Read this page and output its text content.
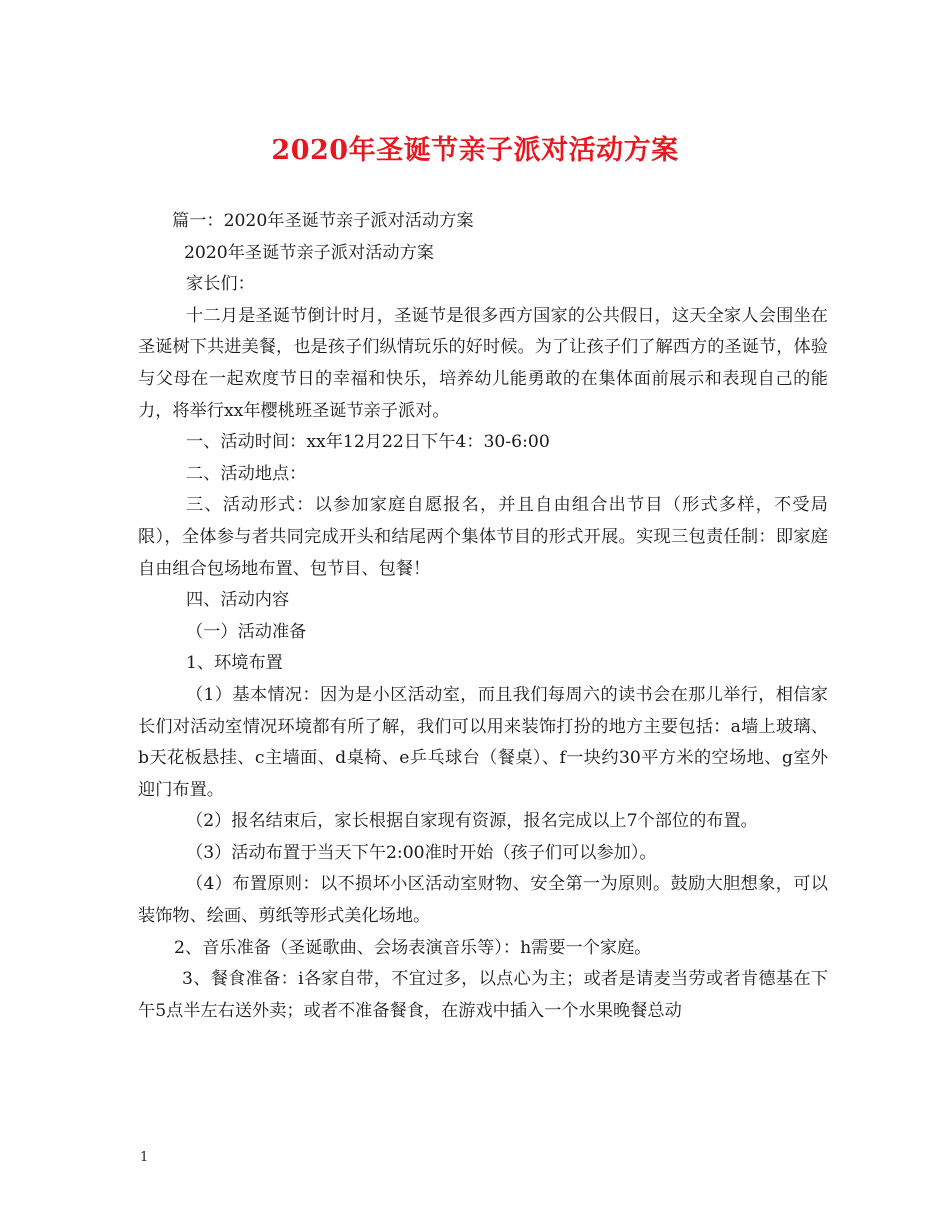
2020年圣诞节亲子派对活动方案

篇一：2020年圣诞节亲子派对活动方案

2020年圣诞节亲子派对活动方案

家长们：

十二月是圣诞节倒计时月，圣诞节是很多西方国家的公共假日，这天全家人会围坐在圣诞树下共进美餐，也是孩子们纵情玩乐的好时候。为了让孩子们了解西方的圣诞节，体验与父母在一起欢度节日的幸福和快乐，培养幼儿能勇敢的在集体面前展示和表现自己的能力，将举行xx年樱桃班圣诞节亲子派对。

一、活动时间：xx年12月22日下午4：30-6:00

二、活动地点：

三、活动形式：以参加家庭自愿报名，并且自由组合出节目（形式多样，不受局限），全体参与者共同完成开头和结尾两个集体节目的形式开展。实现三包责任制：即家庭自由组合包场地布置、包节目、包餐！

四、活动内容

（一）活动准备

1、环境布置

（1）基本情况：因为是小区活动室，而且我们每周六的读书会在那儿举行，相信家长们对活动室情况环境都有所了解，我们可以用来装饰打扮的地方主要包括：a墙上玻璃、b天花板悬挂、c主墙面、d桌椅、e乒乓球台（餐桌）、f一块约30平方米的空场地、g室外迎门布置。

（2）报名结束后，家长根据自家现有资源，报名完成以上7个部位的布置。

（3）活动布置于当天下午2:00准时开始（孩子们可以参加）。

（4）布置原则：以不损坏小区活动室财物、安全第一为原则。鼓励大胆想象，可以装饰物、绘画、剪纸等形式美化场地。

2、音乐准备（圣诞歌曲、会场表演音乐等）：h需要一个家庭。

3、餐食准备：i各家自带，不宜过多，以点心为主；或者是请麦当劳或者肯德基在下午5点半左右送外卖；或者不准备餐食，在游戏中插入一个水果晚餐总动

1
